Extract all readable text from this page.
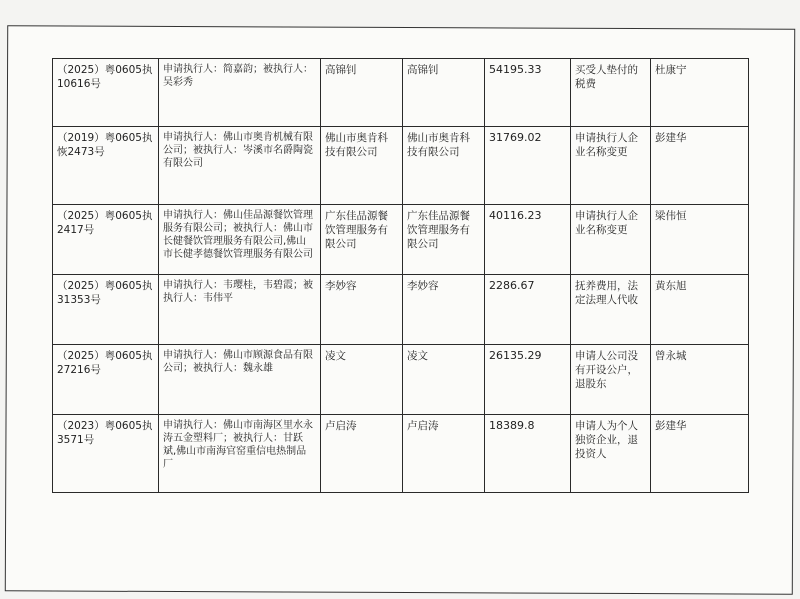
（2025）粤0605执10616号	申请执行人：简嘉韵；被执行人：吴彩秀	高锦钊	高锦钊	54195.33	买受人垫付的税费	杜康宁
（2019）粤0605执恢2473号	申请执行人：佛山市奥肯机械有限公司；被执行人：岑溪市名爵陶瓷有限公司	佛山市奥肯科技有限公司	佛山市奥肯科技有限公司	31769.02	申请执行人企业名称变更	彭建华
（2025）粤0605执2417号	申请执行人：佛山佳品源餐饮管理服务有限公司；被执行人：佛山市长健餐饮管理服务有限公司,佛山市长健孝德餐饮管理服务有限公司	广东佳品源餐饮管理服务有限公司	广东佳品源餐饮管理服务有限公司	40116.23	申请执行人企业名称变更	梁伟恒
（2025）粤0605执31353号	申请执行人：韦璎桂，韦碧霞；被执行人：韦伟平	李妙容	李妙容	2286.67	抚养费用，法定法理人代收	黄东旭
（2025）粤0605执27216号	申请执行人：佛山市顾源食品有限公司；被执行人：魏永雄	凌文	凌文	26135.29	申请人公司没有开设公户，退股东	曾永城
（2023）粤0605执3571号	申请执行人：佛山市南海区里水永涛五金塑料厂；被执行人：甘跃斌,佛山市南海官窑重信电热制品厂	卢启涛	卢启涛	18389.8	申请人为个人独资企业，退投资人	彭建华
